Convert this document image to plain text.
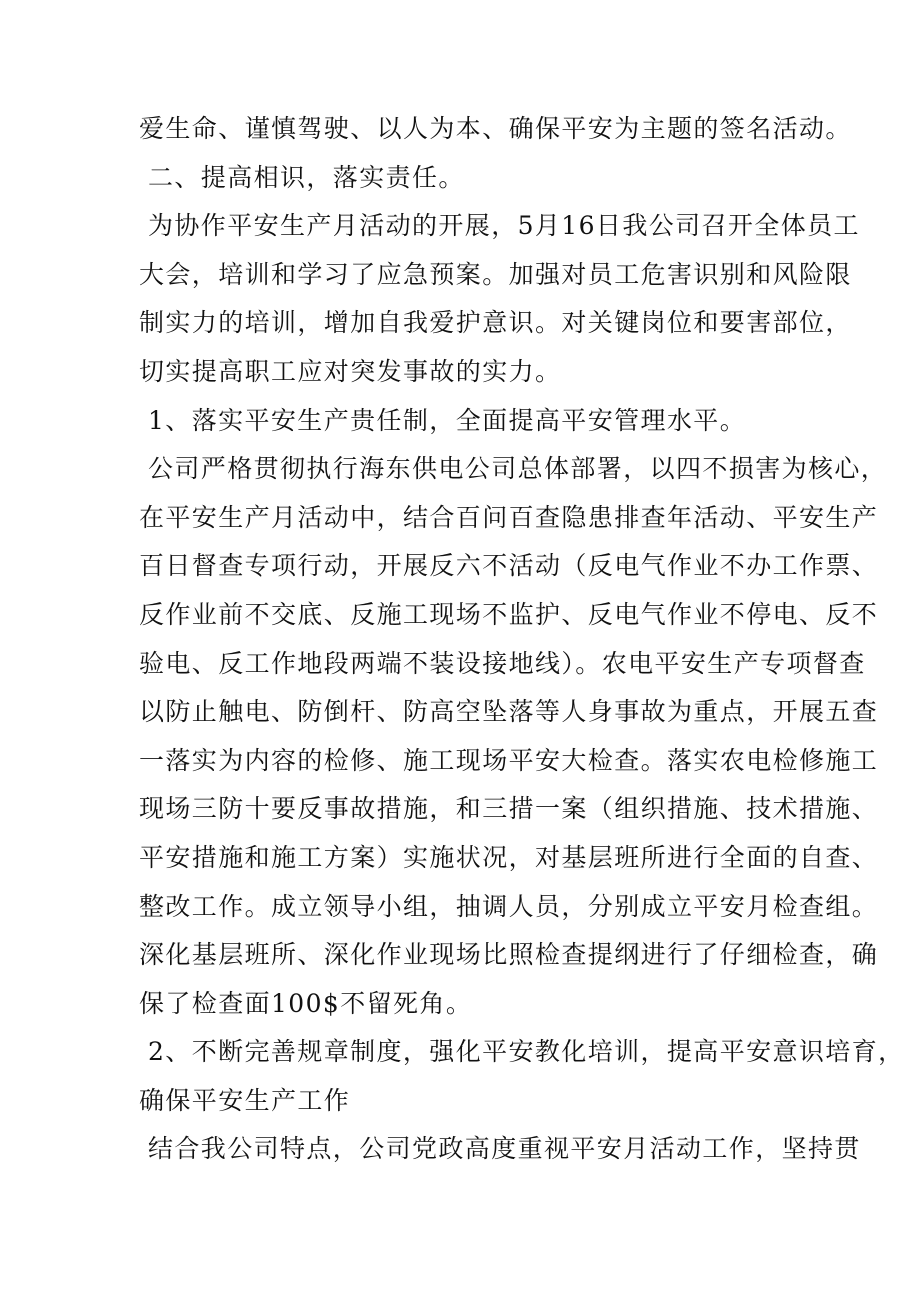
爱生命、谨慎驾驶、以人为本、确保平安为主题的签名活动。
二、提高相识，落实责任。
为协作平安生产月活动的开展，5月16日我公司召开全体员工
大会，培训和学习了应急预案。加强对员工危害识别和风险限
制实力的培训，增加自我爱护意识。对关键岗位和要害部位，
切实提高职工应对突发事故的实力。
1、落实平安生产贵任制，全面提高平安管理水平。
公司严格贯彻执行海东供电公司总体部署，以四不损害为核心，
在平安生产月活动中，结合百问百查隐患排查年活动、平安生产
百日督查专项行动，开展反六不活动（反电气作业不办工作票、
反作业前不交底、反施工现场不监护、反电气作业不停电、反不
验电、反工作地段两端不装设接地线）。农电平安生产专项督查
以防止触电、防倒杆、防高空坠落等人身事故为重点，开展五查
一落实为内容的检修、施工现场平安大检查。落实农电检修施工
现场三防十要反事故措施，和三措一案（组织措施、技术措施、
平安措施和施工方案）实施状况，对基层班所进行全面的自查、
整改工作。成立领导小组，抽调人员，分别成立平安月检查组。
深化基层班所、深化作业现场比照检查提纲进行了仔细检查，确
保了检查面100$不留死角。
2、不断完善规章制度，强化平安教化培训，提高平安意识培育，
确保平安生产工作
结合我公司特点，公司党政高度重视平安月活动工作，坚持贯
